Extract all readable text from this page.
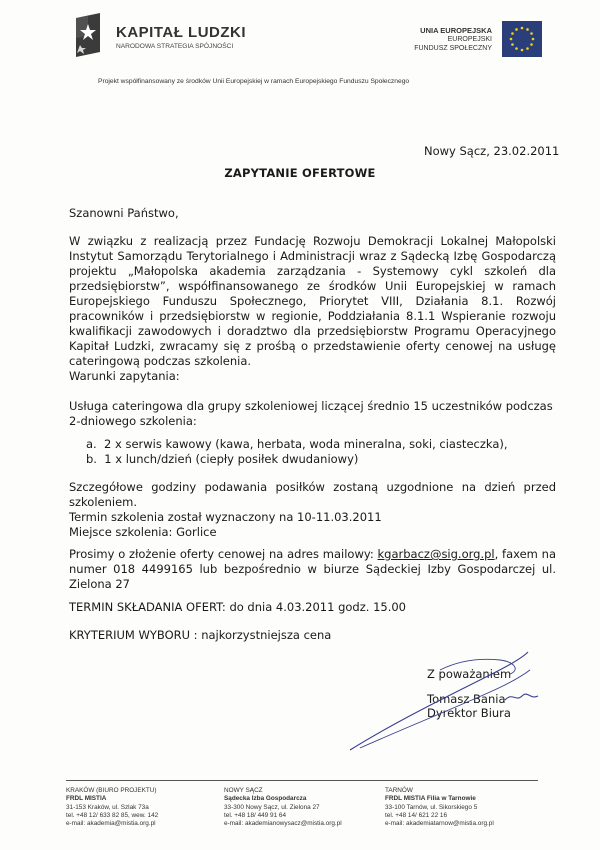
KAPITAŁ LUDZKI
NARODOWA STRATEGIA SPÓJNOŚCI
UNIA EUROPEJSKA
EUROPEJSKI
FUNDUSZ SPOŁECZNY
Projekt współfinansowany ze środków Unii Europejskiej w ramach Europejskiego Funduszu Społecznego
Nowy Sącz, 23.02.2011
ZAPYTANIE OFERTOWE
Szanowni Państwo,
W związku z realizacją przez Fundację Rozwoju Demokracji Lokalnej Małopolski
Instytut Samorządu Terytorialnego i Administracji wraz z Sądecką Izbę Gospodarczą
projektu „Małopolska akademia zarządzania - Systemowy cykl szkoleń dla
przedsiębiorstw”, współfinansowanego ze środków Unii Europejskiej w ramach
Europejskiego Funduszu Społecznego, Priorytet VIII, Działania 8.1. Rozwój
pracowników i przedsiębiorstw w regionie, Poddziałania 8.1.1 Wspieranie rozwoju
kwalifikacji zawodowych i doradztwo dla przedsiębiorstw Programu Operacyjnego
Kapitał Ludzki, zwracamy się z prośbą o przedstawienie oferty cenowej na usługę
cateringową podczas szkolenia.
Warunki zapytania:
Usługa cateringowa dla grupy szkoleniowej liczącej średnio 15 uczestników podczas 2-dniowego szkolenia:
a. 2 x serwis kawowy (kawa, herbata, woda mineralna, soki, ciasteczka),
b. 1 x lunch/dzień (ciepły posiłek dwudaniowy)
Szczegółowe godziny podawania posiłków zostaną uzgodnione na dzień przed
szkoleniem.
Termin szkolenia został wyznaczony na 10-11.03.2011
Miejsce szkolenia: Gorlice
Prosimy o złożenie oferty cenowej na adres mailowy: kgarbacz@sig.org.pl, faxem na
numer 018 4499165 lub bezpośrednio w biurze Sądeckiej Izby Gospodarczej ul.
Zielona 27
TERMIN SKŁADANIA OFERT: do dnia 4.03.2011 godz. 15.00
KRYTERIUM WYBORU : najkorzystniejsza cena
Z poważaniem
Tomasz Bania
Dyrektor Biura
KRAKÓW (BIURO PROJEKTU)
FRDL MISTIA
31-153 Kraków, ul. Szlak 73a
tel. +48 12/ 633 82 85, wew. 142
e-mail: akademia@mistia.org.pl
NOWY SĄCZ
Sądecka Izba Gospodarcza
33-300 Nowy Sącz, ul. Zielona 27
tel. +48 18/ 449 91 64
e-mail: akademianowysacz@mistia.org.pl
TARNÓW
FRDL MISTIA Filia w Tarnowie
33-100 Tarnów, ul. Sikorskiego 5
tel. +48 14/ 621 22 16
e-mail: akademiatarnow@mistia.org.pl
